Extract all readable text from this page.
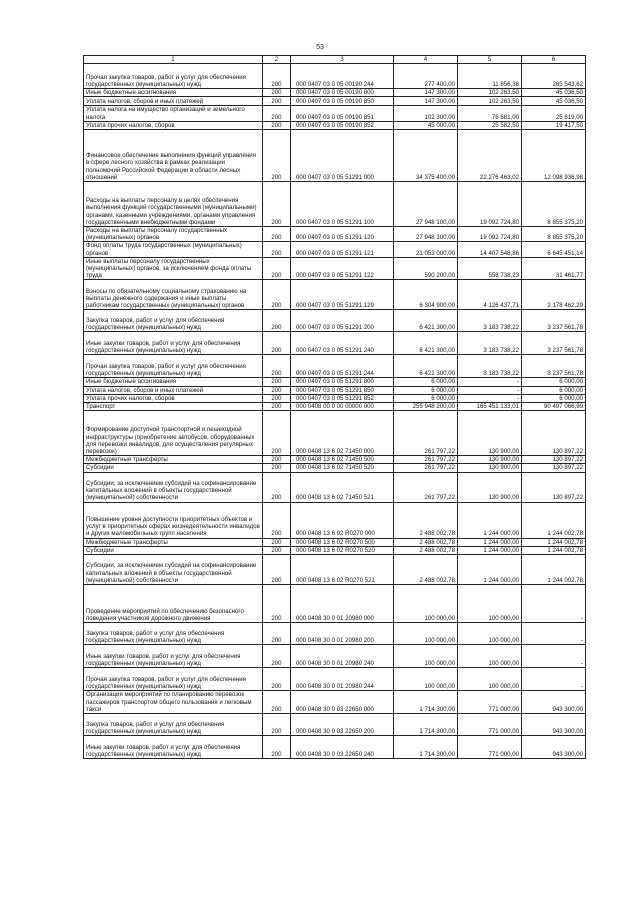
53
1	2	3	4	5	6
Прочая закупка товаров, работ и услуг для обеспечения государственных (муниципальных) нужд	200	000 0407 03 0 05 00190 244	277 400,00	11 856,38	265 543,62
Иные бюджетные ассигнования	200	000 0407 03 0 05 00190 800	147 300,00	102 263,50	45 036,50
Уплата налогов, сборов и иных платежей	200	000 0407 03 0 05 00190 850	147 300,00	102 263,50	45 036,50
Уплата налога на имущество организаций и земельного налога	200	000 0407 03 0 05 00190 851	102 300,00	76 681,00	25 619,00
Уплата прочих налогов, сборов	200	000 0407 03 0 05 00190 852	45 000,00	25 582,50	19 417,50
Финансовое обеспечение выполнения функций управления в сфере лесного хозяйства в рамках реализации полномочий Российской Федерации в области лесных отношений	200	000 0407 03 0 05 51291 000	34 375 400,00	22 276 463,02	12 098 936,98
Расходы на выплаты персоналу в целях обеспечения выполнения функций государственными (муниципальными) органами, казенными учреждениями, органами управления государственными внебюджетными фондами	200	000 0407 03 0 05 51291 100	27 948 100,00	19 092 724,80	8 855 375,20
Расходы на выплаты персоналу государственных (муниципальных) органов	200	000 0407 03 0 05 51291 120	27 948 100,00	19 092 724,80	8 855 375,20
Фонд оплаты труда государственных (муниципальных) органов	200	000 0407 03 0 05 51291 121	21 053 000,00	14 407 548,86	6 645 451,14
Иные выплаты персоналу государственных (муниципальных) органов, за исключением фонда оплаты труда	200	000 0407 03 0 05 51291 122	590 200,00	558 738,23	31 461,77
Взносы по обязательному социальному страхованию на выплаты денежного содержания и иные выплаты работникам государственных (муниципальных) органов	200	000 0407 03 0 05 51291 129	6 304 900,00	4 126 437,71	2 178 462,29
Закупка товаров, работ и услуг для обеспечения государственных (муниципальных) нужд	200	000 0407 03 0 05 51291 200	6 421 300,00	3 183 738,22	3 237 561,78
Иные закупки товаров, работ и услуг для обеспечения государственных (муниципальных) нужд	200	000 0407 03 0 05 51291 240	6 421 300,00	3 183 738,22	3 237 561,78
Прочая закупка товаров, работ и услуг для обеспечения государственных (муниципальных) нужд	200	000 0407 03 0 05 51291 244	6 421 300,00	3 183 738,22	3 237 561,78
Иные бюджетные ассигнования	200	000 0407 03 0 05 51291 800	6 000,00	-	6 000,00
Уплата налогов, сборов и иных платежей	200	000 0407 03 0 05 51291 850	6 000,00	-	6 000,00
Уплата прочих налогов, сборов	200	000 0407 03 0 05 51291 852	6 000,00	-	6 000,00
Транспорт	200	000 0408 00 0 00 00000 000	255 948 200,00	165 451 133,01	90 497 066,99
Формирование доступной транспортной и пешеходной инфраструктуры (приобретение автобусов, оборудованных для перевозки инвалидов, для осуществления регулярных перевозок)	200	000 0408 13 6 02 71450 000	261 797,22	130 900,00	130 897,22
Межбюджетные трансферты	200	000 0408 13 6 02 71450 500	261 797,22	130 900,00	130 897,22
Субсидии	200	000 0408 13 6 02 71450 520	261 797,22	130 900,00	130 897,22
Субсидии, за исключением субсидий на софинансирование капитальных вложений в объекты государственной (муниципальной) собственности	200	000 0408 13 6 02 71450 521	261 797,22	130 900,00	130 897,22
Повышение уровня доступности приоритетных объектов и услуг в приоритетных сферах жизнедеятельности инвалидов и других маломобильных групп населения	200	000 0408 13 6 02 R0270 000	2 488 002,78	1 244 000,00	1 244 002,78
Межбюджетные трансферты	200	000 0408 13 6 02 R0270 500	2 488 002,78	1 244 000,00	1 244 002,78
Субсидии	200	000 0408 13 6 02 R0270 520	2 488 002,78	1 244 000,00	1 244 002,78
Субсидии, за исключением субсидий на софинансирование капитальных вложений в объекты государственной (муниципальной) собственности	200	000 0408 13 6 02 R0270 521	2 488 002,78	1 244 000,00	1 244 002,78
Проведение мероприятий по обеспечению безопасного поведения участников дорожного движения	200	000 0408 30 0 01 20980 000	100 000,00	100 000,00	-
Закупка товаров, работ и услуг для обеспечения государственных (муниципальных) нужд	200	000 0408 30 0 01 20980 200	100 000,00	100 000,00	-
Иные закупки товаров, работ и услуг для обеспечения государственных (муниципальных) нужд	200	000 0408 30 0 01 20980 240	100 000,00	100 000,00	-
Прочая закупка товаров, работ и услуг для обеспечения государственных (муниципальных) нужд	200	000 0408 30 0 01 20980 244	100 000,00	100 000,00	-
Организация мероприятий по планированию перевозок пассажиров транспортом общего пользования и легковым такси	200	000 0408 30 0 03 22650 000	1 714 300,00	771 000,00	943 300,00
Закупка товаров, работ и услуг для обеспечения государственных (муниципальных) нужд	200	000 0408 30 0 03 22650 200	1 714 300,00	771 000,00	943 300,00
Иные закупки товаров, работ и услуг для обеспечения государственных (муниципальных) нужд	200	000 0408 30 0 03 22650 240	1 714 300,00	771 000,00	943 300,00
